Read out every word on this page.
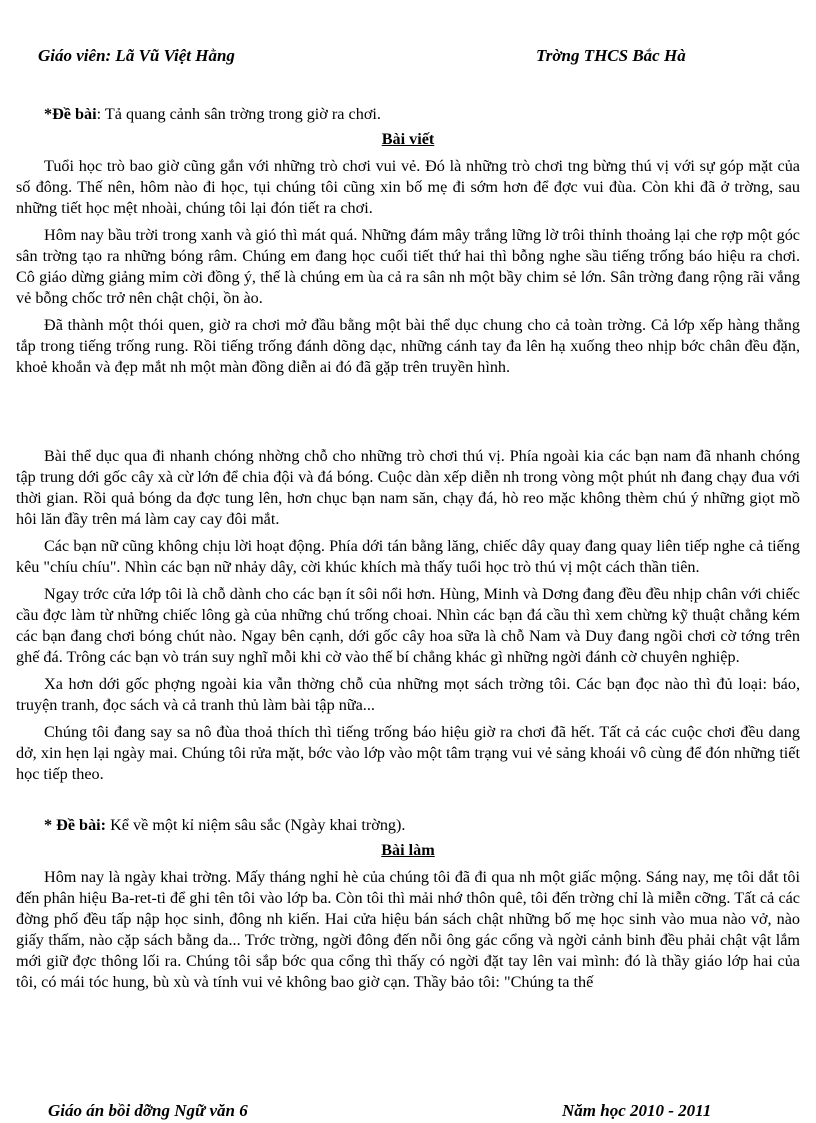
Giáo viên: Lã Vũ Việt Hằng	Trờng THCS Bắc Hà
*Đề bài: Tả quang cảnh sân trờng trong giờ ra chơi.
Bài viết

Tuổi học trò bao giờ cũng gắn với những trò chơi vui vẻ. Đó là những trò chơi tng bừng thú vị với sự góp mặt của số đông. Thế nên, hôm nào đi học, tụi chúng tôi cũng xin bố mẹ đi sớm hơn để đợc vui đùa. Còn khi đã ở trờng, sau những tiết học mệt nhoài, chúng tôi lại đón tiết ra chơi.

Hôm nay bầu trời trong xanh và gió thì mát quá. Những đám mây trắng lững lờ trôi thỉnh thoảng lại che rợp một góc sân trờng tạo ra những bóng râm. Chúng em đang học cuối tiết thứ hai thì bỗng nghe sầu tiếng trống báo hiệu ra chơi. Cô giáo dừng giảng mỉm cời đồng ý, thế là chúng em ùa cả ra sân nh một bầy chim sẻ lớn. Sân trờng đang rộng rãi vắng vẻ bỗng chốc trở nên chật chội, ồn ào.

Đã thành một thói quen, giờ ra chơi mở đầu bằng một bài thể dục chung cho cả toàn trờng. Cả lớp xếp hàng thẳng tắp trong tiếng trống rung. Rồi tiếng trống đánh dõng dạc, những cánh tay đa lên hạ xuống theo nhịp bớc chân đều đặn, khoẻ khoắn và đẹp mắt nh một màn đồng diễn ai đó đã gặp trên truyền hình.

Bài thể dục qua đi nhanh chóng nhờng chỗ cho những trò chơi thú vị. Phía ngoài kia các bạn nam đã nhanh chóng tập trung dới gốc cây xà cừ lớn để chia đội và đá bóng. Cuộc dàn xếp diễn nh trong vòng một phút nh đang chạy đua với thời gian. Rồi quả bóng da đợc tung lên, hơn chục bạn nam săn, chạy đá, hò reo mặc không thèm chú ý những giọt mồ hôi lăn đầy trên má làm cay cay đôi mắt.

Các bạn nữ cũng không chịu lời hoạt động. Phía dới tán bằng lăng, chiếc dây quay đang quay liên tiếp nghe cả tiếng kêu "chíu chíu". Nhìn các bạn nữ nhảy dây, cời khúc khích mà thấy tuổi học trò thú vị một cách thần tiên.

Ngay trớc cửa lớp tôi là chỗ dành cho các bạn ít sôi nổi hơn. Hùng, Minh và Dơng đang đều đều nhịp chân với chiếc cầu đợc làm từ những chiếc lông gà của những chú trống choai. Nhìn các bạn đá cầu thì xem chừng kỹ thuật chẳng kém các bạn đang chơi bóng chút nào. Ngay bên cạnh, dới gốc cây hoa sữa là chỗ Nam và Duy đang ngồi chơi cờ tớng trên ghế đá. Trông các bạn vò trán suy nghĩ mỗi khi cờ vào thế bí chẳng khác gì những ngời đánh cờ chuyên nghiệp.

Xa hơn dới gốc phợng ngoài kia vẫn thờng chỗ của những mọt sách trờng tôi. Các bạn đọc nào thì đủ loại: báo, truyện tranh, đọc sách và cả tranh thủ làm bài tập nữa...

Chúng tôi đang say sa nô đùa thoả thích thì tiếng trống báo hiệu giờ ra chơi đã hết. Tất cả các cuộc chơi đều dang dở, xin hẹn lại ngày mai. Chúng tôi rửa mặt, bớc vào lớp vào một tâm trạng vui vẻ sảng khoái vô cùng để đón những tiết học tiếp theo.

* Đề bài: Kể về một kỉ niệm sâu sắc (Ngày khai trờng).
Bài làm

Hôm nay là ngày khai trờng. Mấy tháng nghỉ hè của chúng tôi đã đi qua nh một giấc mộng. Sáng nay, mẹ tôi dắt tôi đến phân hiệu Ba-ret-ti để ghi tên tôi vào lớp ba. Còn tôi thì mải nhớ thôn quê, tôi đến trờng chỉ là miễn cỡng. Tất cả các đờng phố đều tấp nập học sinh, đông nh kiến. Hai cửa hiệu bán sách chật những bố mẹ học sinh vào mua nào vở, nào giấy thấm, nào cặp sách bằng da... Trớc trờng, ngời đông đến nỗi ông gác cổng và ngời cảnh binh đều phải chật vật lắm mới giữ đợc thông lối ra. Chúng tôi sắp bớc qua cổng thì thấy có ngời đặt tay lên vai mình: đó là thầy giáo lớp hai của tôi, có mái tóc hung, bù xù và tính vui vẻ không bao giờ cạn. Thầy bảo tôi: "Chúng ta thế

Giáo án bồi dỡng Ngữ văn 6	Năm học 2010 - 2011
